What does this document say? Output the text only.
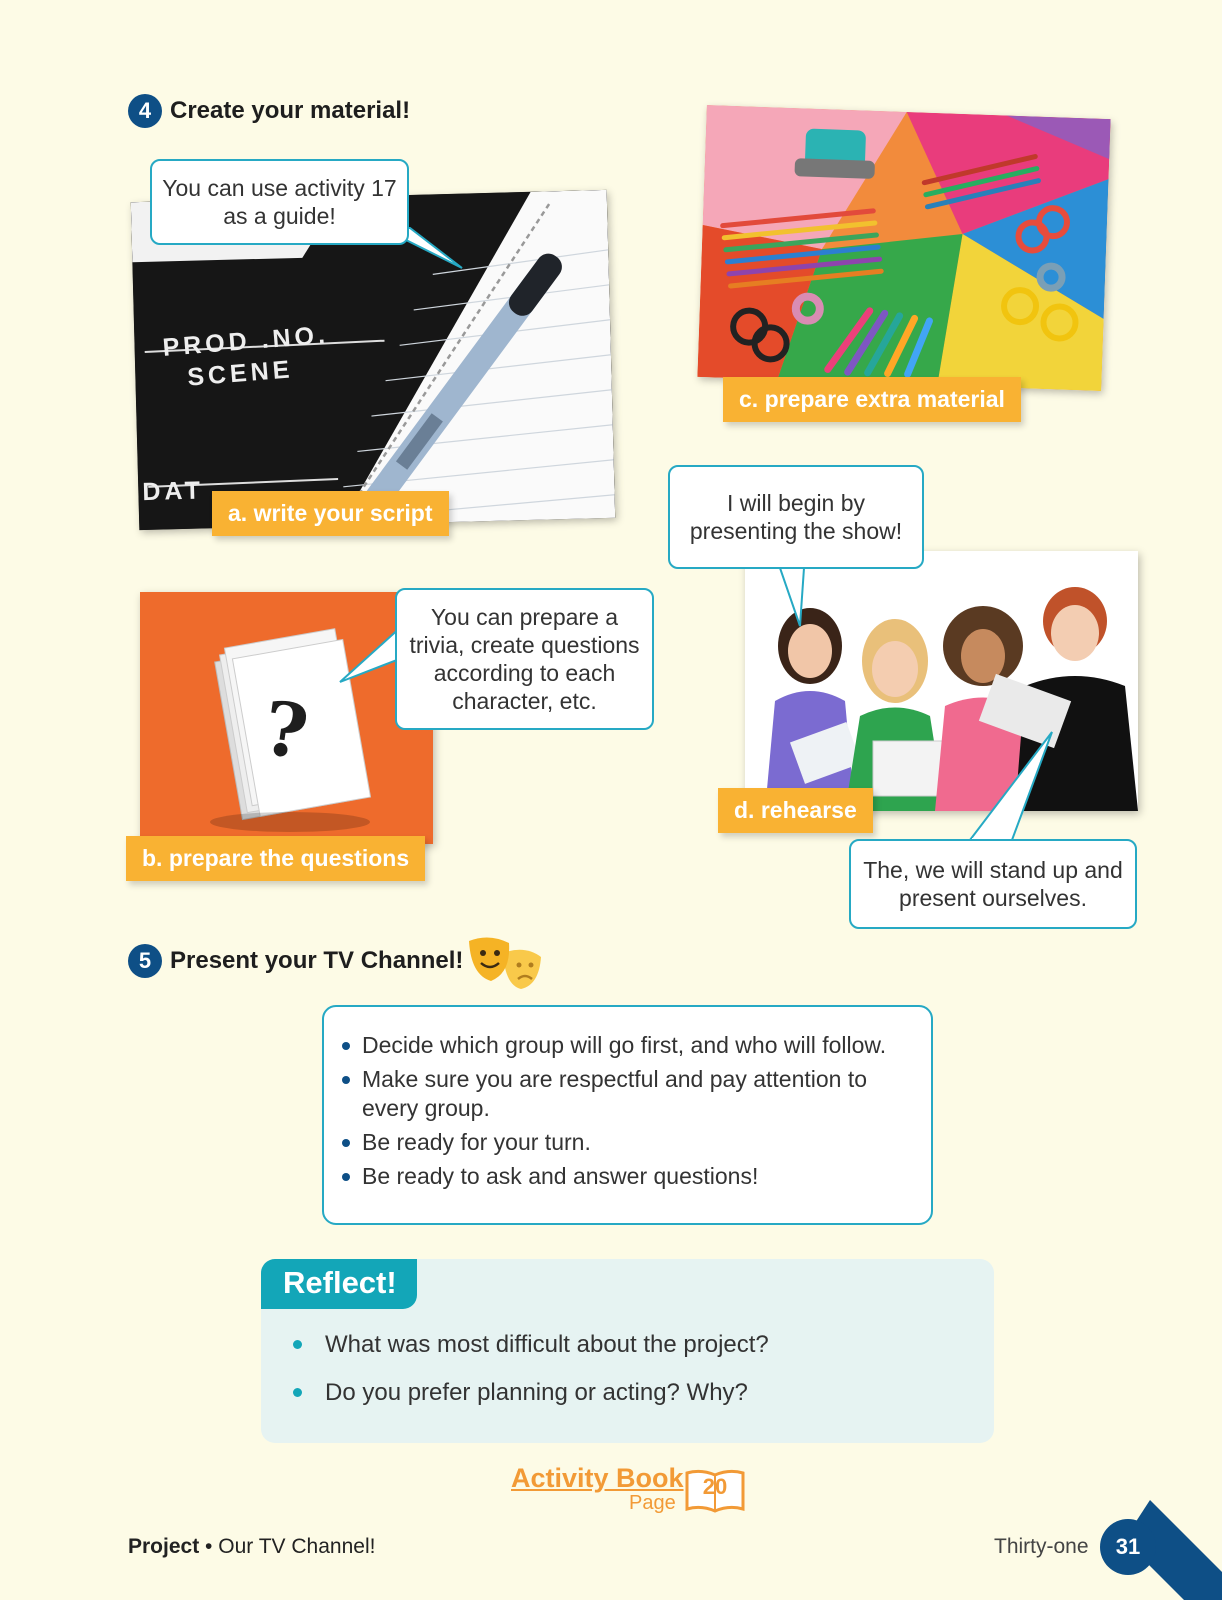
4 Create your material!
PROD .NO.
SCENE
DAT
a. write your script
You can use activity 17 as a guide!
c. prepare extra material
?
b. prepare the questions
You can prepare a trivia, create questions according to each character, etc.
d. rehearse
I will begin by presenting the show!
The, we will stand up and present ourselves.
5 Present your TV Channel!
Decide which group will go first, and who will follow.
Make sure you are respectful and pay attention to every group.
Be ready for your turn.
Be ready to ask and answer questions!
Reflect!
What was most difficult about the project?
Do you prefer planning or acting? Why?
Activity Book
Page
20
Project • Our TV Channel!	Thirty-one	31
